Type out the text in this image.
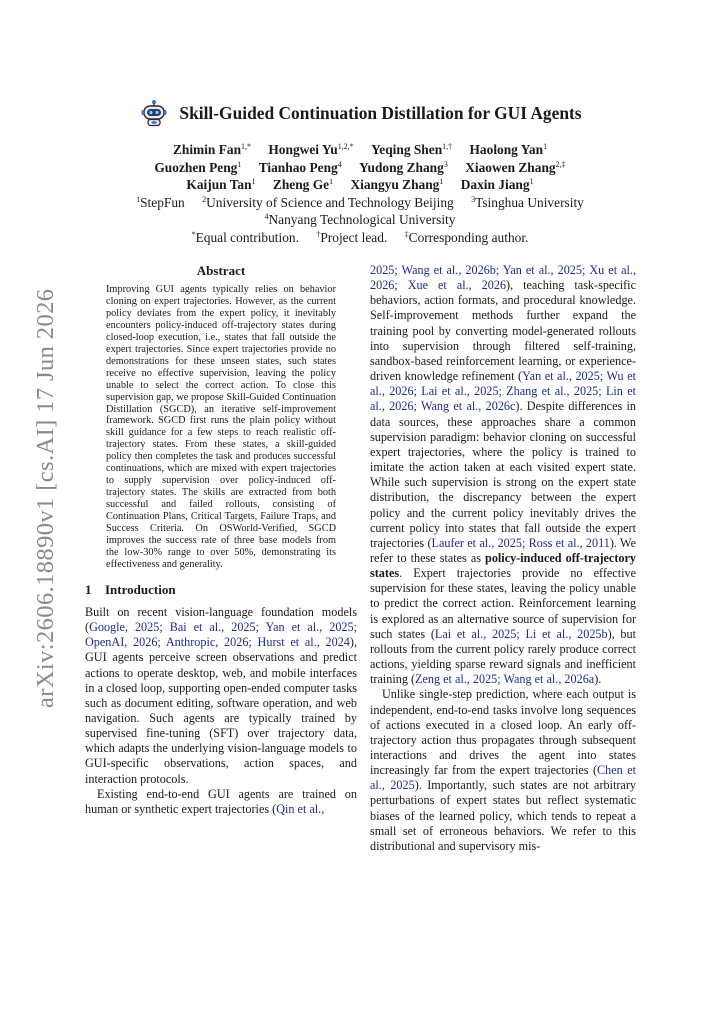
arXiv:2606.18890v1 [cs.AI] 17 Jun 2026
Skill-Guided Continuation Distillation for GUI Agents
Zhimin Fan$^{1,*}$ Hongwei $Yu^{1,2,*}$ Yeqing Shen$^{1,\dagger}$ Haolong Yan$^1$
Guozhen Peng$^1$ Tianhao Peng$^4$ Yudong Zhang$^3$ Xiaowen Zhang$^{2,\ddagger}$
Kaijun Tan$^1$ Zheng Ge$^1$ Xiangyu Zhang$^1$ Daxin Jiang$^1$
$^1$StepFun $^2$University of Science and Technology Beijing $^3$Tsinghua University
$^4$Nanyang Technological University
*Equal contribution. †Project lead. ‡Corresponding author.
Abstract

Improving GUI agents typically relies on behavior cloning on expert trajectories. However, as the current policy deviates from the expert policy, it inevitably encounters policy-induced off-trajectory states during closed-loop execution, i.e., states that fall outside the expert trajectories. Since expert trajectories provide no demonstrations for these unseen states, such states receive no effective supervision, leaving the policy unable to select the correct action. To close this supervision gap, we propose Skill-Guided Continuation Distillation (SGCD), an iterative self-improvement framework. SGCD first runs the plain policy without skill guidance for a few steps to reach realistic off-trajectory states. From these states, a skill-guided policy then completes the task and produces successful continuations, which are mixed with expert trajectories to supply supervision over policy-induced off-trajectory states. The skills are extracted from both successful and failed rollouts, consisting of Continuation Plans, Critical Targets, Failure Traps, and Success Criteria. On OSWorld-Verified, SGCD improves the success rate of three base models from the low-30% range to over 50%, demonstrating its effectiveness and generality.

1 Introduction

Built on recent vision-language foundation models (Google, 2025; Bai et al., 2025; Yan et al., 2025; OpenAI, 2026; Anthropic, 2026; Hurst et al., 2024), GUI agents perceive screen observations and predict actions to operate desktop, web, and mobile interfaces in a closed loop, supporting open-ended computer tasks such as document editing, software operation, and web navigation. Such agents are typically trained by supervised fine-tuning (SFT) over trajectory data, which adapts the underlying vision-language models to GUI-specific observations, action spaces, and interaction protocols.

Existing end-to-end GUI agents are trained on human or synthetic expert trajectories (Qin et al.,

2025; Wang et al., 2026b; Yan et al., 2025; Xu et al., 2026; Xue et al., 2026), teaching task-specific behaviors, action formats, and procedural knowledge. Self-improvement methods further expand the training pool by converting model-generated rollouts into supervision through filtered self-training, sandbox-based reinforcement learning, or experience-driven knowledge refinement (Yan et al., 2025; Wu et al., 2026; Lai et al., 2025; Zhang et al., 2025; Lin et al., 2026; Wang et al., 2026c). Despite differences in data sources, these approaches share a common supervision paradigm: behavior cloning on successful expert trajectories, where the policy is trained to imitate the action taken at each visited expert state. While such supervision is strong on the expert state distribution, the discrepancy between the expert policy and the current policy inevitably drives the current policy into states that fall outside the expert trajectories (Laufer et al., 2025; Ross et al., 2011). We refer to these states as policy-induced off-trajectory states. Expert trajectories provide no effective supervision for these states, leaving the policy unable to predict the correct action. Reinforcement learning is explored as an alternative source of supervision for such states (Lai et al., 2025; Li et al., 2025b), but rollouts from the current policy rarely produce correct actions, yielding sparse reward signals and inefficient training (Zeng et al., 2025; Wang et al., 2026a).

Unlike single-step prediction, where each output is independent, end-to-end tasks involve long sequences of actions executed in a closed loop. An early off-trajectory action thus propagates through subsequent interactions and drives the agent into states increasingly far from the expert trajectories (Chen et al., 2025). Importantly, such states are not arbitrary perturbations of expert states but reflect systematic biases of the learned policy, which tends to repeat a small set of erroneous behaviors. We refer to this distributional and supervisory mis-
